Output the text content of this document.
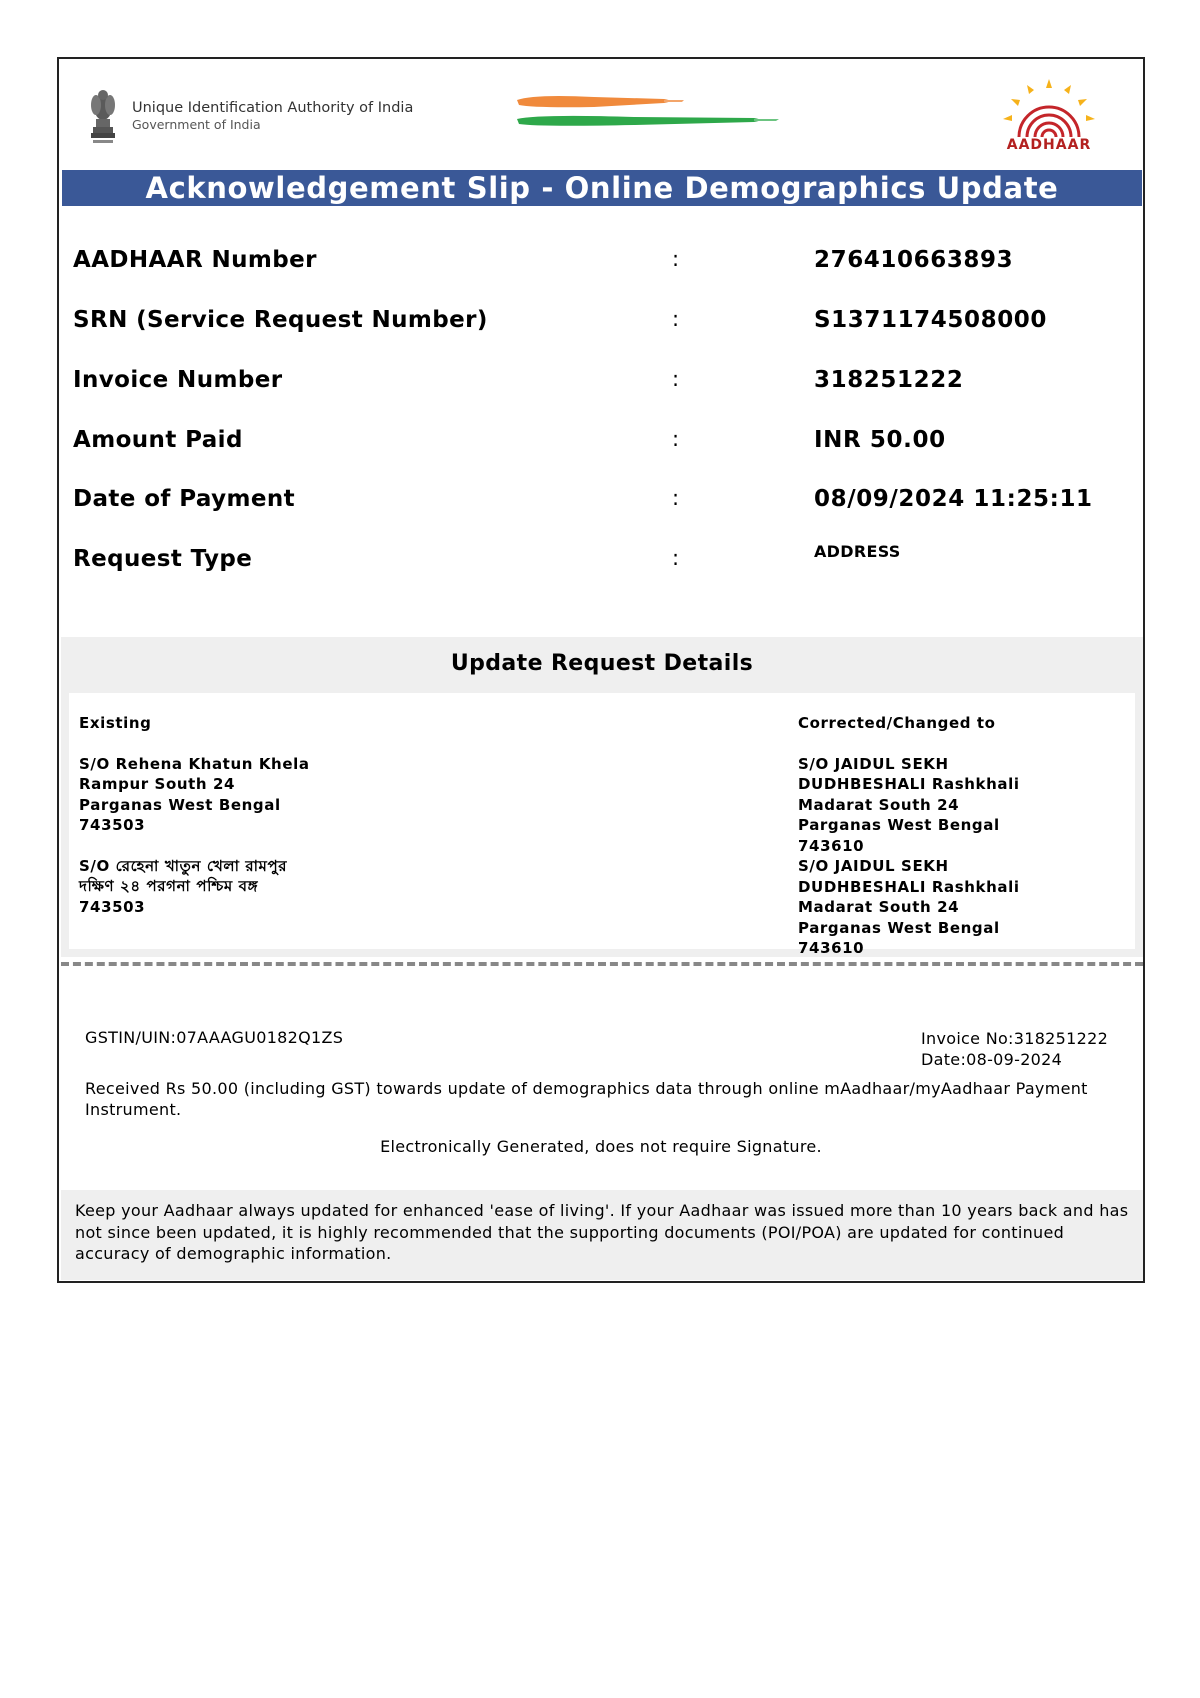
Unique Identification Authority of India
Government of India
AADHAAR
Acknowledgement Slip - Online Demographics Update
AADHAAR Number	:	276410663893
SRN (Service Request Number)	:	S1371174508000
Invoice Number	:	318251222
Amount Paid	:	INR 50.00
Date of Payment	:	08/09/2024 11:25:11
Request Type	:	ADDRESS
Update Request Details
Existing
S/O Rehena Khatun Khela
Rampur South 24
Parganas West Bengal
743503
S/O রেহেনা খাতুন খেলা রামপুর
দক্ষিণ ২৪ পরগনা পশ্চিম বঙ্গ
743503
Corrected/Changed to
S/O JAIDUL SEKH
DUDHBESHALI Rashkhali
Madarat South 24
Parganas West Bengal
743610
S/O JAIDUL SEKH
DUDHBESHALI Rashkhali
Madarat South 24
Parganas West Bengal
743610
GSTIN/UIN:07AAAGU0182Q1ZS	Invoice No:318251222
Date:08-09-2024
Received Rs 50.00 (including GST) towards update of demographics data through online mAadhaar/myAadhaar Payment Instrument.
Electronically Generated, does not require Signature.
Keep your Aadhaar always updated for enhanced 'ease of living'. If your Aadhaar was issued more than 10 years back and has not since been updated, it is highly recommended that the supporting documents (POI/POA) are updated for continued accuracy of demographic information.
